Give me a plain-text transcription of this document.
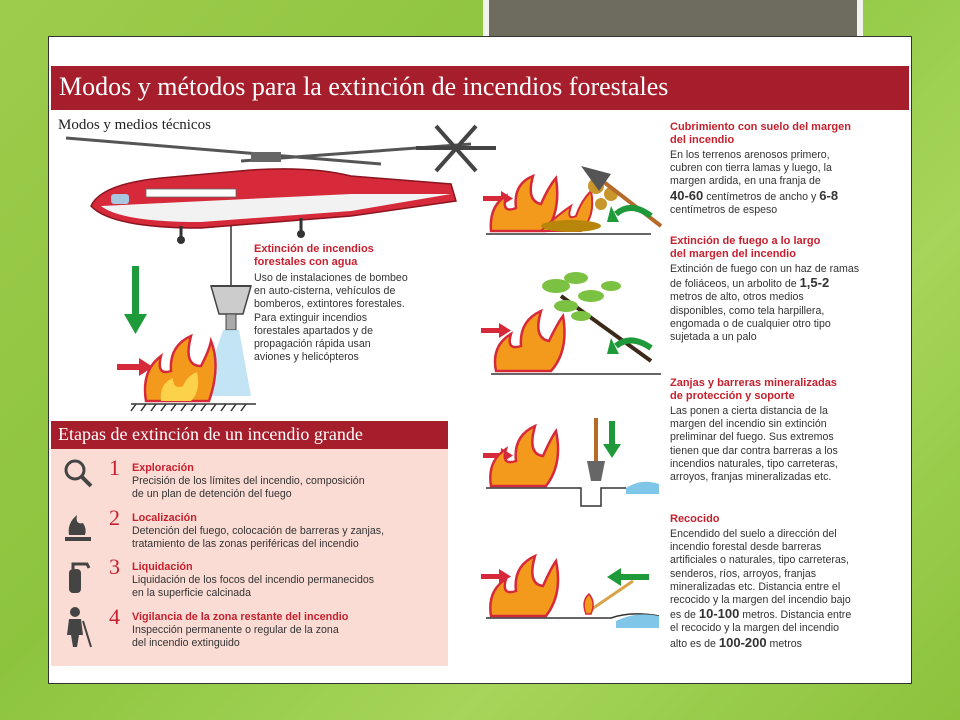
Modos y métodos para la extinción de incendios forestales
Modos y medios técnicos
Extinción de incendios
forestales con agua
Uso de instalaciones de bombeo
en auto-cisterna, vehículos de
bomberos, extintores forestales.
Para extinguir incendios
forestales apartados y de
propagación rápida usan
aviones y helicópteros
Cubrimiento con suelo del margen
del incendio
En los terrenos arenosos primero,
cubren con tierra lamas y luego, la
margen ardida, en una franja de
40-60 centímetros de ancho y 6-8
centímetros de espeso
Extinción de fuego a lo largo
del margen del incendio
Extinción de fuego con un haz de ramas
de foliáceos, un arbolito de 1,5-2
metros de alto, otros medios
disponibles, como tela harpillera,
engomada o de cualquier otro tipo
sujetada a un palo
Zanjas y barreras mineralizadas
de protección y soporte
Las ponen a cierta distancia de la
margen del incendio sin extinción
preliminar del fuego. Sus extremos
tienen que dar contra barreras a los
incendios naturales, tipo carreteras,
arroyos, franjas mineralizadas etc.
Recocido
Encendido del suelo a dirección del
incendio forestal desde barreras
artificiales o naturales, tipo carreteras,
senderos, ríos, arroyos, franjas
mineralizadas etc. Distancia entre el
recocido y la margen del incendio bajo
es de 10-100 metros. Distancia entre
el recocido y la margen del incendio
alto es de 100-200 metros
Etapas de extinción de un incendio grande
1 Exploración
Precisión de los límites del incendio, composición
de un plan de detención del fuego
2 Localización
Detención del fuego, colocación de barreras y zanjas,
tratamiento de las zonas periféricas del incendio
3 Liquidación
Liquidación de los focos del incendio permanecidos
en la superficie calcinada
4 Vigilancia de la zona restante del incendio
Inspección permanente o regular de la zona
del incendio extinguido
